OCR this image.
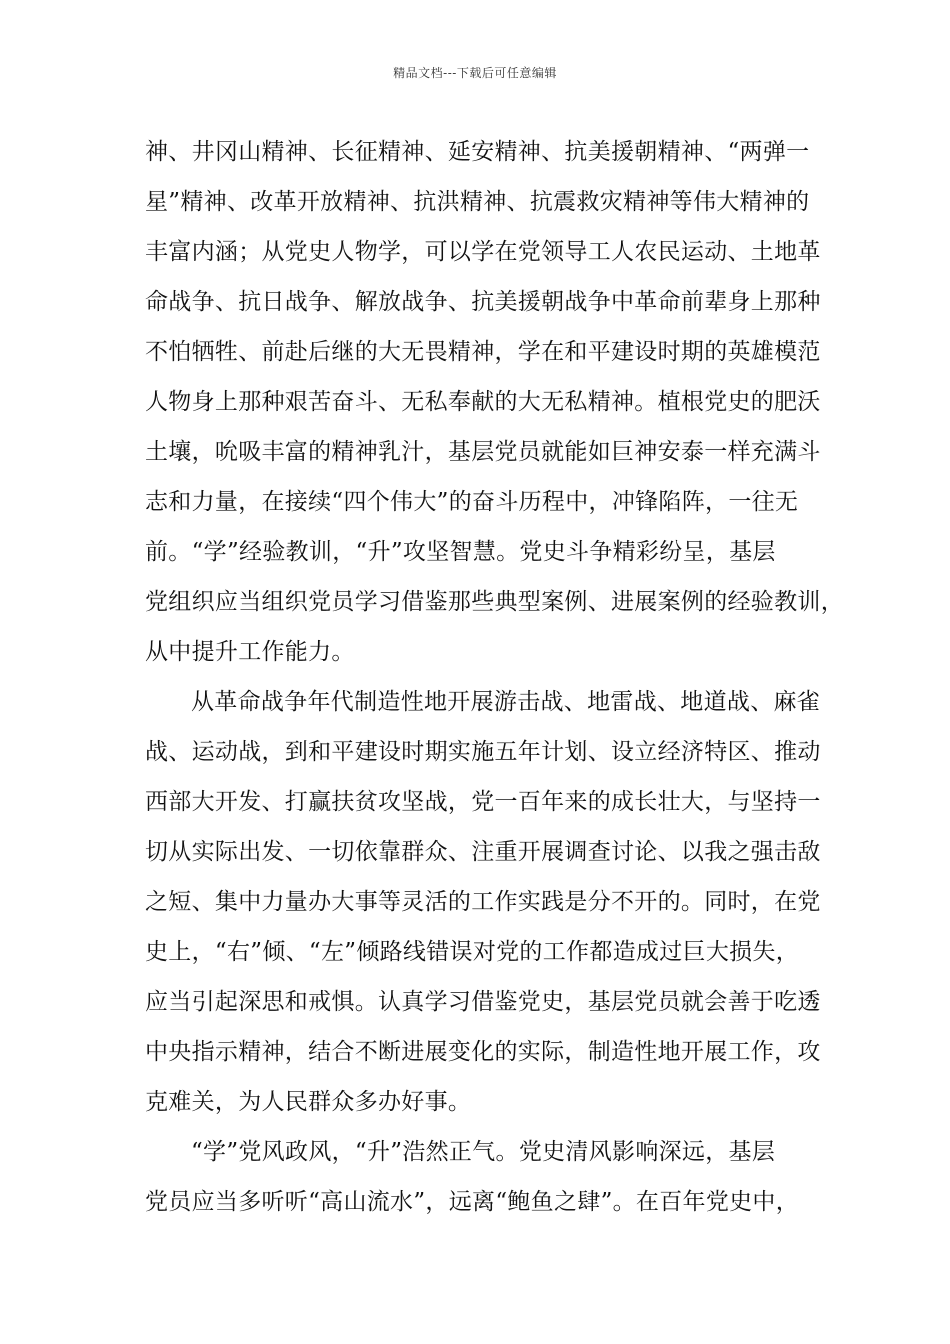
精品文档---下载后可任意编辑
神、井冈山精神、长征精神、延安精神、抗美援朝精神、“两弹一
星”精神、改革开放精神、抗洪精神、抗震救灾精神等伟大精神的
丰富内涵；从党史人物学，可以学在党领导工人农民运动、土地革
命战争、抗日战争、解放战争、抗美援朝战争中革命前辈身上那种
不怕牺牲、前赴后继的大无畏精神，学在和平建设时期的英雄模范
人物身上那种艰苦奋斗、无私奉献的大无私精神。植根党史的肥沃
土壤，吮吸丰富的精神乳汁，基层党员就能如巨神安泰一样充满斗
志和力量，在接续“四个伟大”的奋斗历程中，冲锋陷阵，一往无
前。“学”经验教训，“升”攻坚智慧。党史斗争精彩纷呈，基层
党组织应当组织党员学习借鉴那些典型案例、进展案例的经验教训，
从中提升工作能力。
从革命战争年代制造性地开展游击战、地雷战、地道战、麻雀
战、运动战，到和平建设时期实施五年计划、设立经济特区、推动
西部大开发、打赢扶贫攻坚战，党一百年来的成长壮大，与坚持一
切从实际出发、一切依靠群众、注重开展调查讨论、以我之强击敌
之短、集中力量办大事等灵活的工作实践是分不开的。同时，在党
史上，“右”倾、“左”倾路线错误对党的工作都造成过巨大损失，
应当引起深思和戒惧。认真学习借鉴党史，基层党员就会善于吃透
中央指示精神，结合不断进展变化的实际，制造性地开展工作，攻
克难关，为人民群众多办好事。
“学”党风政风，“升”浩然正气。党史清风影响深远，基层
党员应当多听听“高山流水”，远离“鲍鱼之肆”。在百年党史中，
